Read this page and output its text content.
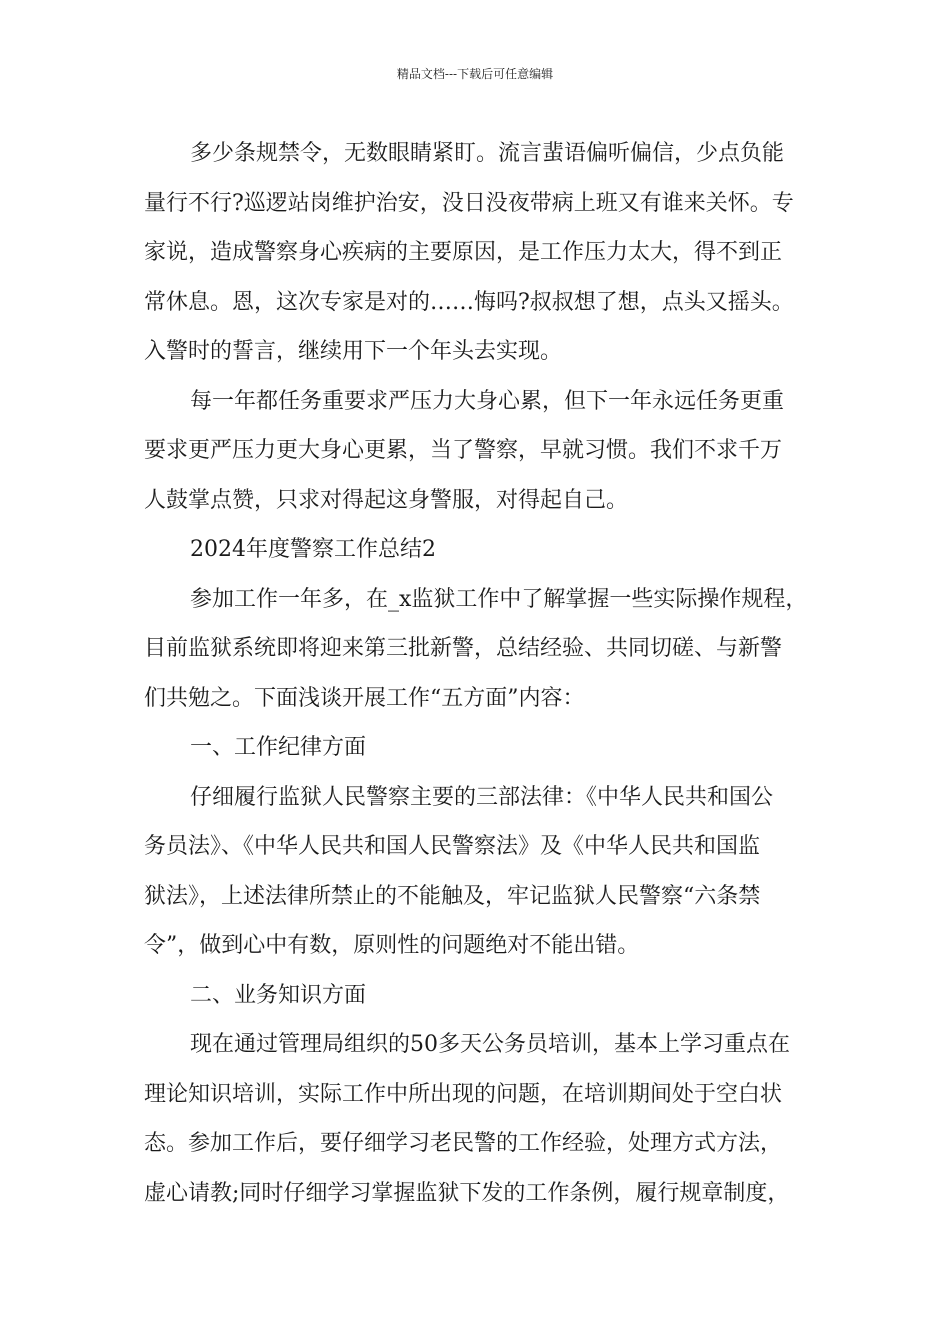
精品文档---下载后可任意编辑
多少条规禁令，无数眼睛紧盯。流言蜚语偏听偏信，少点负能
量行不行?巡逻站岗维护治安，没日没夜带病上班又有谁来关怀。专
家说，造成警察身心疾病的主要原因，是工作压力太大，得不到正
常休息。恩，这次专家是对的……悔吗?叔叔想了想，点头又摇头。
入警时的誓言，继续用下一个年头去实现。
每一年都任务重要求严压力大身心累，但下一年永远任务更重
要求更严压力更大身心更累，当了警察，早就习惯。我们不求千万
人鼓掌点赞，只求对得起这身警服，对得起自己。
2024年度警察工作总结2
参加工作一年多，在_x监狱工作中了解掌握一些实际操作规程，
目前监狱系统即将迎来第三批新警，总结经验、共同切磋、与新警
们共勉之。下面浅谈开展工作“五方面”内容：
一、工作纪律方面
仔细履行监狱人民警察主要的三部法律：《中华人民共和国公
务员法》、《中华人民共和国人民警察法》及《中华人民共和国监
狱法》，上述法律所禁止的不能触及，牢记监狱人民警察“六条禁
令”，做到心中有数，原则性的问题绝对不能出错。
二、业务知识方面
现在通过管理局组织的50多天公务员培训，基本上学习重点在
理论知识培训，实际工作中所出现的问题，在培训期间处于空白状
态。参加工作后，要仔细学习老民警的工作经验，处理方式方法，
虚心请教;同时仔细学习掌握监狱下发的工作条例，履行规章制度，
